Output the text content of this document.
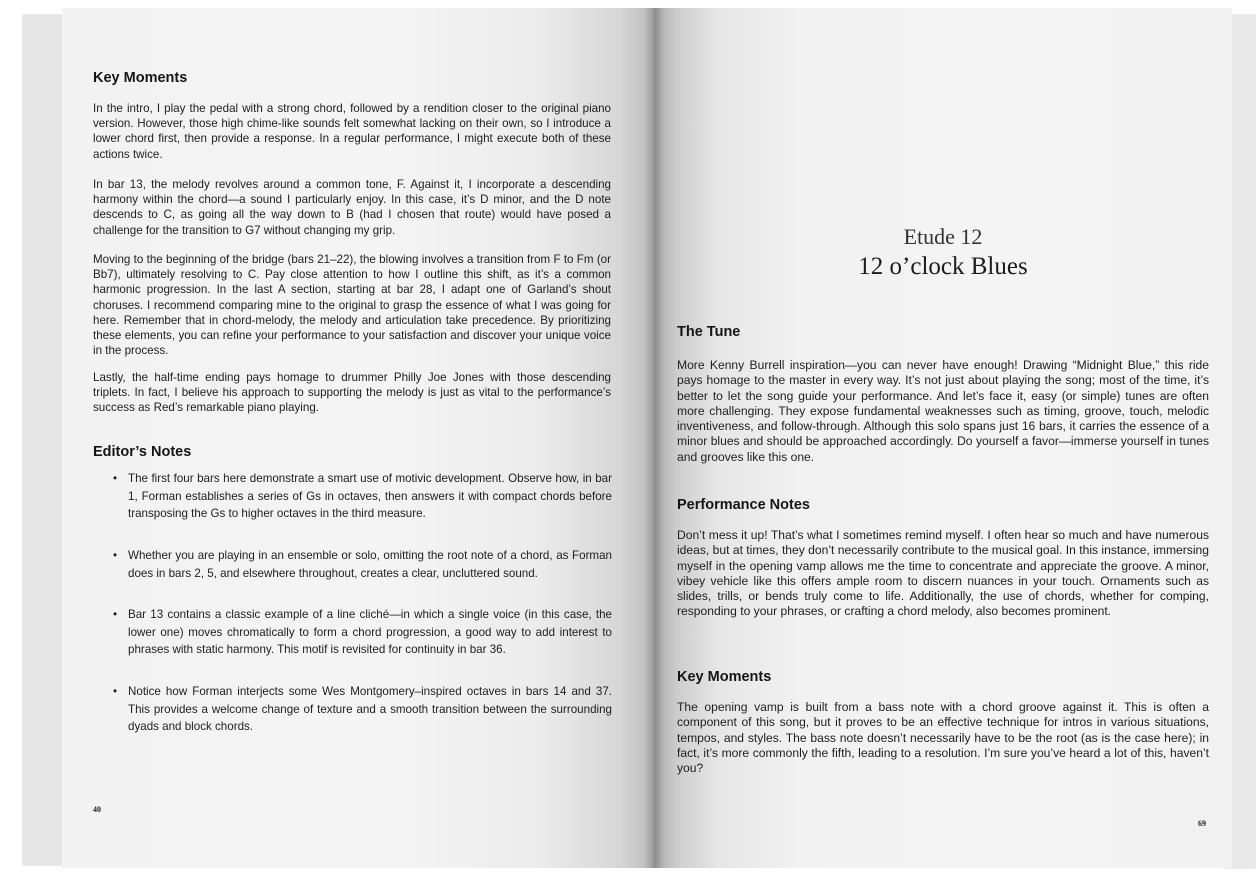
Key Moments

In the intro, I play the pedal with a strong chord, followed by a rendition closer to the original piano version. However, those high chime-like sounds felt somewhat lacking on their own, so I introduce a lower chord first, then provide a response. In a regular performance, I might execute both of these actions twice.

In bar 13, the melody revolves around a common tone, F. Against it, I incorporate a descending harmony within the chord—a sound I particularly enjoy. In this case, it’s D minor, and the D note descends to C, as going all the way down to B (had I chosen that route) would have posed a challenge for the transition to G7 without changing my grip.

Moving to the beginning of the bridge (bars 21–22), the blowing involves a transition from F to Fm (or Bb7), ultimately resolving to C. Pay close attention to how I outline this shift, as it’s a common harmonic progression. In the last A section, starting at bar 28, I adapt one of Garland’s shout choruses. I recommend comparing mine to the original to grasp the essence of what I was going for here. Remember that in chord-melody, the melody and articulation take precedence. By prioritizing these elements, you can refine your performance to your satisfaction and discover your unique voice in the process.

Lastly, the half-time ending pays homage to drummer Philly Joe Jones with those descending triplets. In fact, I believe his approach to supporting the melody is just as vital to the performance’s success as Red’s remarkable piano playing.

Editor’s Notes
• The first four bars here demonstrate a smart use of motivic development. Observe how, in bar 1, Forman establishes a series of Gs in octaves, then answers it with compact chords before transposing the Gs to higher octaves in the third measure.
• Whether you are playing in an ensemble or solo, omitting the root note of a chord, as Forman does in bars 2, 5, and elsewhere throughout, creates a clear, uncluttered sound.
• Bar 13 contains a classic example of a line cliché—in which a single voice (in this case, the lower one) moves chromatically to form a chord progression, a good way to add interest to phrases with static harmony. This motif is revisited for continuity in bar 36.
• Notice how Forman interjects some Wes Montgomery–inspired octaves in bars 14 and 37. This provides a welcome change of texture and a smooth transition between the surrounding dyads and block chords.
40
Etude 12
12 o’clock Blues
The Tune

More Kenny Burrell inspiration—you can never have enough! Drawing “Midnight Blue,” this ride pays homage to the master in every way. It’s not just about playing the song; most of the time, it’s better to let the song guide your performance. And let’s face it, easy (or simple) tunes are often more challenging. They expose fundamental weaknesses such as timing, groove, touch, melodic inventiveness, and follow-through. Although this solo spans just 16 bars, it carries the essence of a minor blues and should be approached accordingly. Do yourself a favor—immerse yourself in tunes and grooves like this one.

Performance Notes

Don’t mess it up! That’s what I sometimes remind myself. I often hear so much and have numerous ideas, but at times, they don’t necessarily contribute to the musical goal. In this instance, immersing myself in the opening vamp allows me the time to concentrate and appreciate the groove. A minor, vibey vehicle like this offers ample room to discern nuances in your touch. Ornaments such as slides, trills, or bends truly come to life. Additionally, the use of chords, whether for comping, responding to your phrases, or crafting a chord melody, also becomes prominent.

Key Moments

The opening vamp is built from a bass note with a chord groove against it. This is often a component of this song, but it proves to be an effective technique for intros in various situations, tempos, and styles. The bass note doesn’t necessarily have to be the root (as is the case here); in fact, it’s more commonly the fifth, leading to a resolution. I’m sure you’ve heard a lot of this, haven’t you?

69
